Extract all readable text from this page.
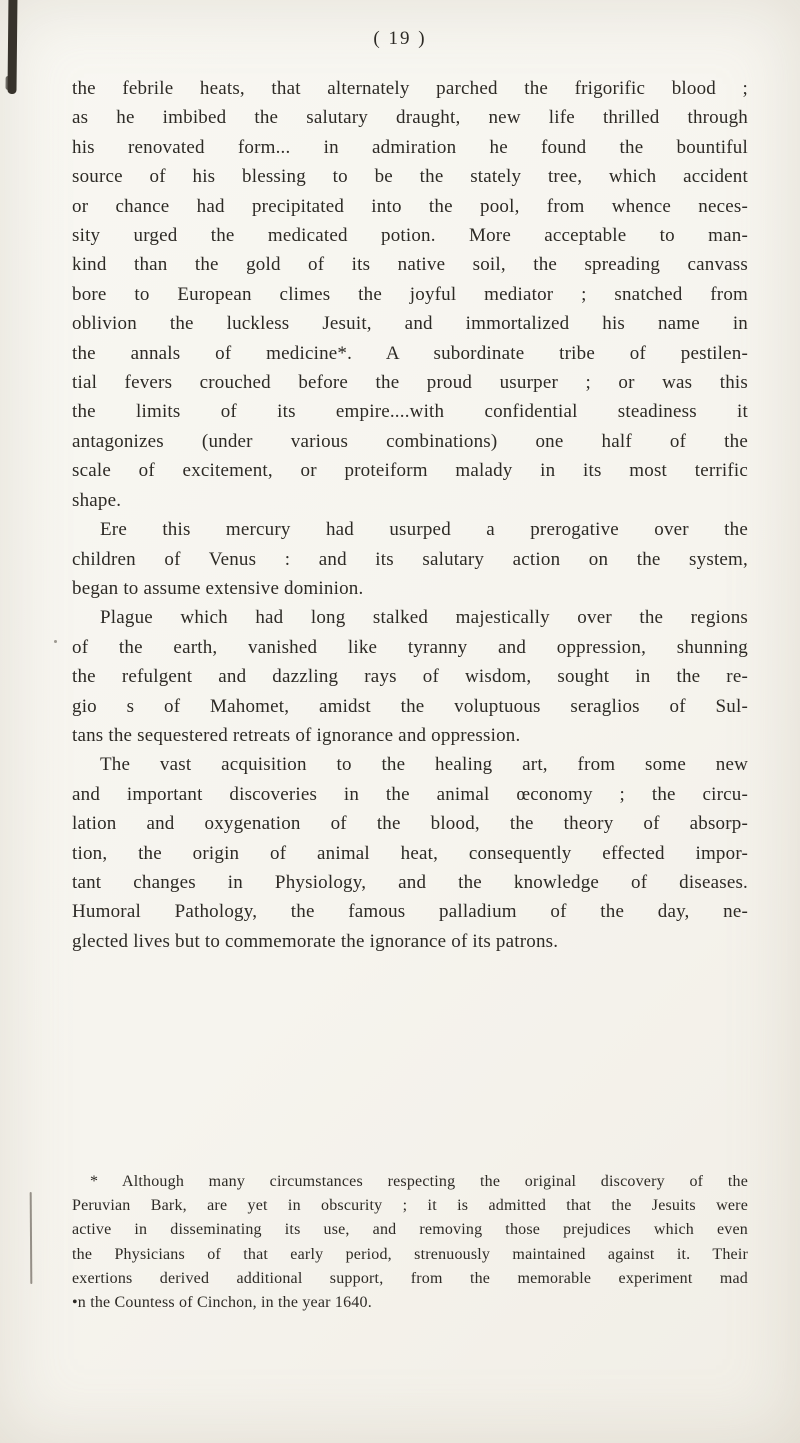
( 19 )
the febrile heats, that alternately parched the frigorific blood ;
as he imbibed the salutary draught, new life thrilled through
his renovated form... in admiration he found the bountiful
source of his blessing to be the stately tree, which accident
or chance had precipitated into the pool, from whence neces-
sity urged the medicated potion. More acceptable to man-
kind than the gold of its native soil, the spreading canvass
bore to European climes the joyful mediator ; snatched from
oblivion the luckless Jesuit, and immortalized his name in
the annals of medicine*. A subordinate tribe of pestilen-
tial fevers crouched before the proud usurper ; or was this
the limits of its empire....with confidential steadiness it
antagonizes (under various combinations) one half of the
scale of excitement, or proteiform malady in its most terrific
shape.
Ere this mercury had usurped a prerogative over the
children of Venus : and its salutary action on the system,
began to assume extensive dominion.
Plague which had long stalked majestically over the regions
of the earth, vanished like tyranny and oppression, shunning
the refulgent and dazzling rays of wisdom, sought in the re-
gio s of Mahomet, amidst the voluptuous seraglios of Sul-
tans the sequestered retreats of ignorance and oppression.
The vast acquisition to the healing art, from some new
and important discoveries in the animal œconomy ; the circu-
lation and oxygenation of the blood, the theory of absorp-
tion, the origin of animal heat, consequently effected impor-
tant changes in Physiology, and the knowledge of diseases.
Humoral Pathology, the famous palladium of the day, ne-
glected lives but to commemorate the ignorance of its patrons.
* Although many circumstances respecting the original discovery of the
Peruvian Bark, are yet in obscurity ; it is admitted that the Jesuits were
active in disseminating its use, and removing those prejudices which even
the Physicians of that early period, strenuously maintained against it. Their
exertions derived additional support, from the memorable experiment mad
•n the Countess of Cinchon, in the year 1640.
